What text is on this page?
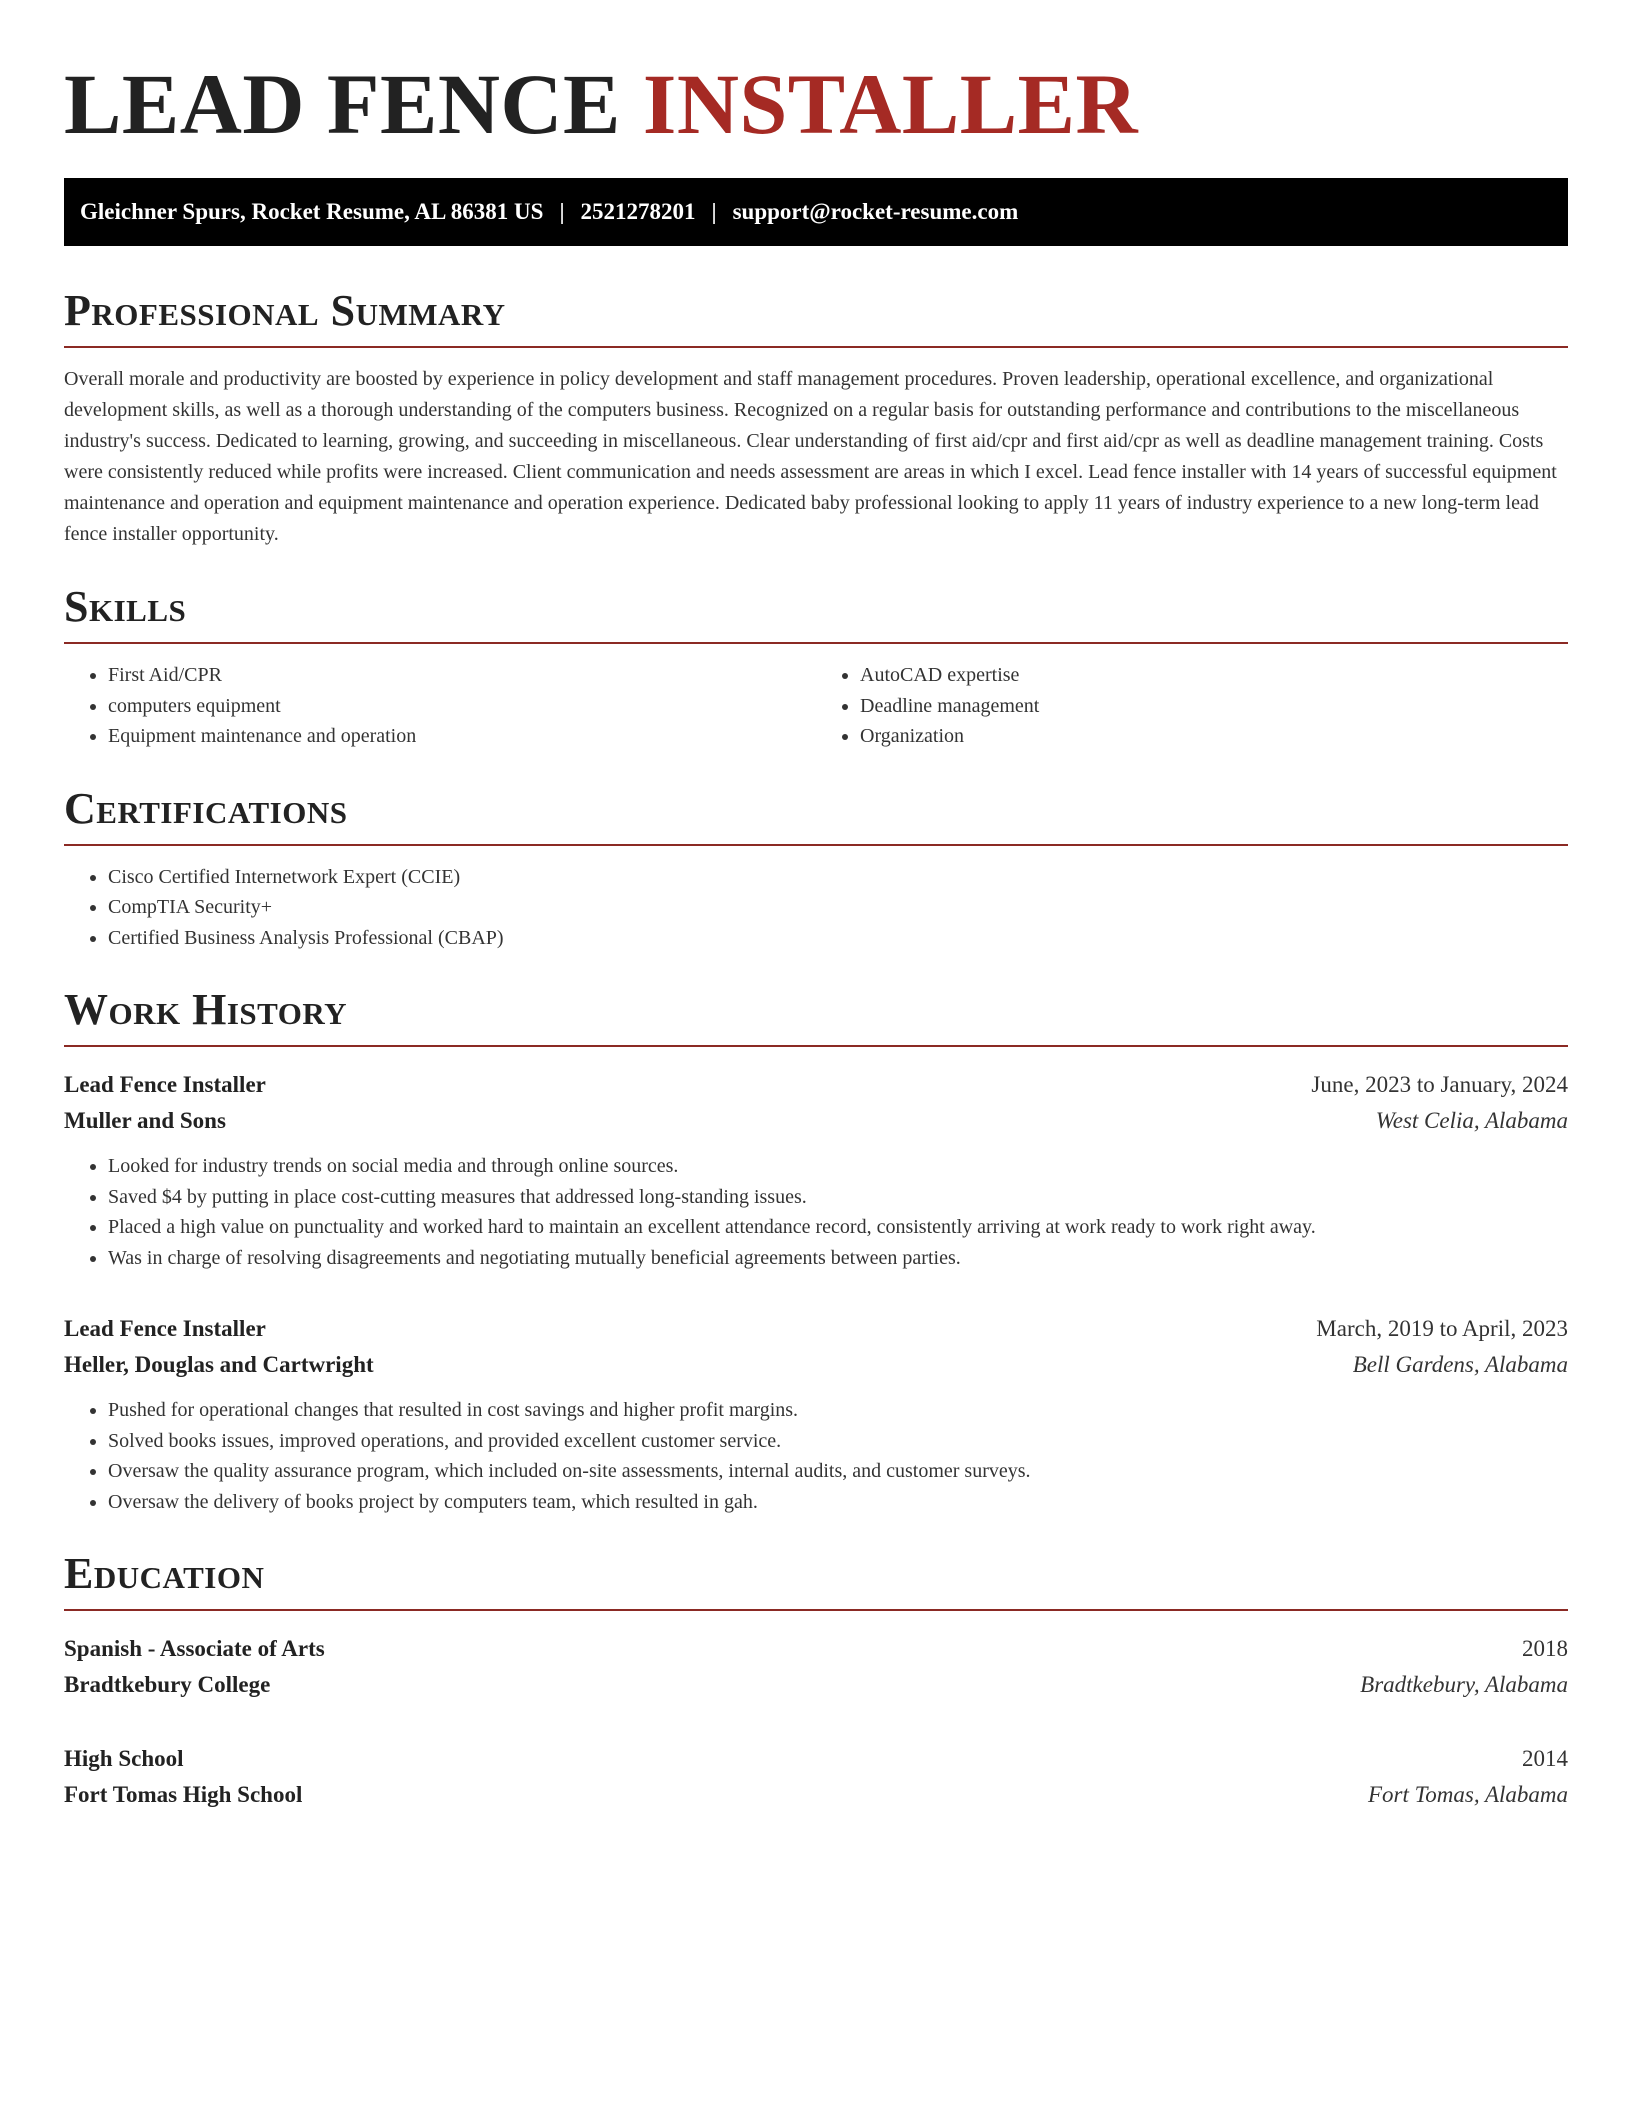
LEAD FENCE INSTALLER
Gleichner Spurs, Rocket Resume, AL 86381 US | 2521278201 | support@rocket-resume.com
Professional Summary

Overall morale and productivity are boosted by experience in policy development and staff management procedures. Proven leadership, operational excellence, and organizational development skills, as well as a thorough understanding of the computers business. Recognized on a regular basis for outstanding performance and contributions to the miscellaneous industry's success. Dedicated to learning, growing, and succeeding in miscellaneous. Clear understanding of first aid/cpr and first aid/cpr as well as deadline management training. Costs were consistently reduced while profits were increased. Client communication and needs assessment are areas in which I excel. Lead fence installer with 14 years of successful equipment maintenance and operation and equipment maintenance and operation experience. Dedicated baby professional looking to apply 11 years of industry experience to a new long-term lead fence installer opportunity.

Skills
• First Aid/CPR
• computers equipment
• Equipment maintenance and operation
• AutoCAD expertise
• Deadline management
• Organization
Certifications
• Cisco Certified Internetwork Expert (CCIE)
• CompTIA Security+
• Certified Business Analysis Professional (CBAP)
Work History
Lead Fence Installer	June, 2023 to January, 2024
Muller and Sons	West Celia, Alabama
• Looked for industry trends on social media and through online sources.
• Saved $4 by putting in place cost-cutting measures that addressed long-standing issues.
• Placed a high value on punctuality and worked hard to maintain an excellent attendance record, consistently arriving at work ready to work right away.
• Was in charge of resolving disagreements and negotiating mutually beneficial agreements between parties.
Lead Fence Installer	March, 2019 to April, 2023
Heller, Douglas and Cartwright	Bell Gardens, Alabama
• Pushed for operational changes that resulted in cost savings and higher profit margins.
• Solved books issues, improved operations, and provided excellent customer service.
• Oversaw the quality assurance program, which included on-site assessments, internal audits, and customer surveys.
• Oversaw the delivery of books project by computers team, which resulted in gah.
Education
Spanish - Associate of Arts	2018
Bradtkebury College	Bradtkebury, Alabama
High School	2014
Fort Tomas High School	Fort Tomas, Alabama
